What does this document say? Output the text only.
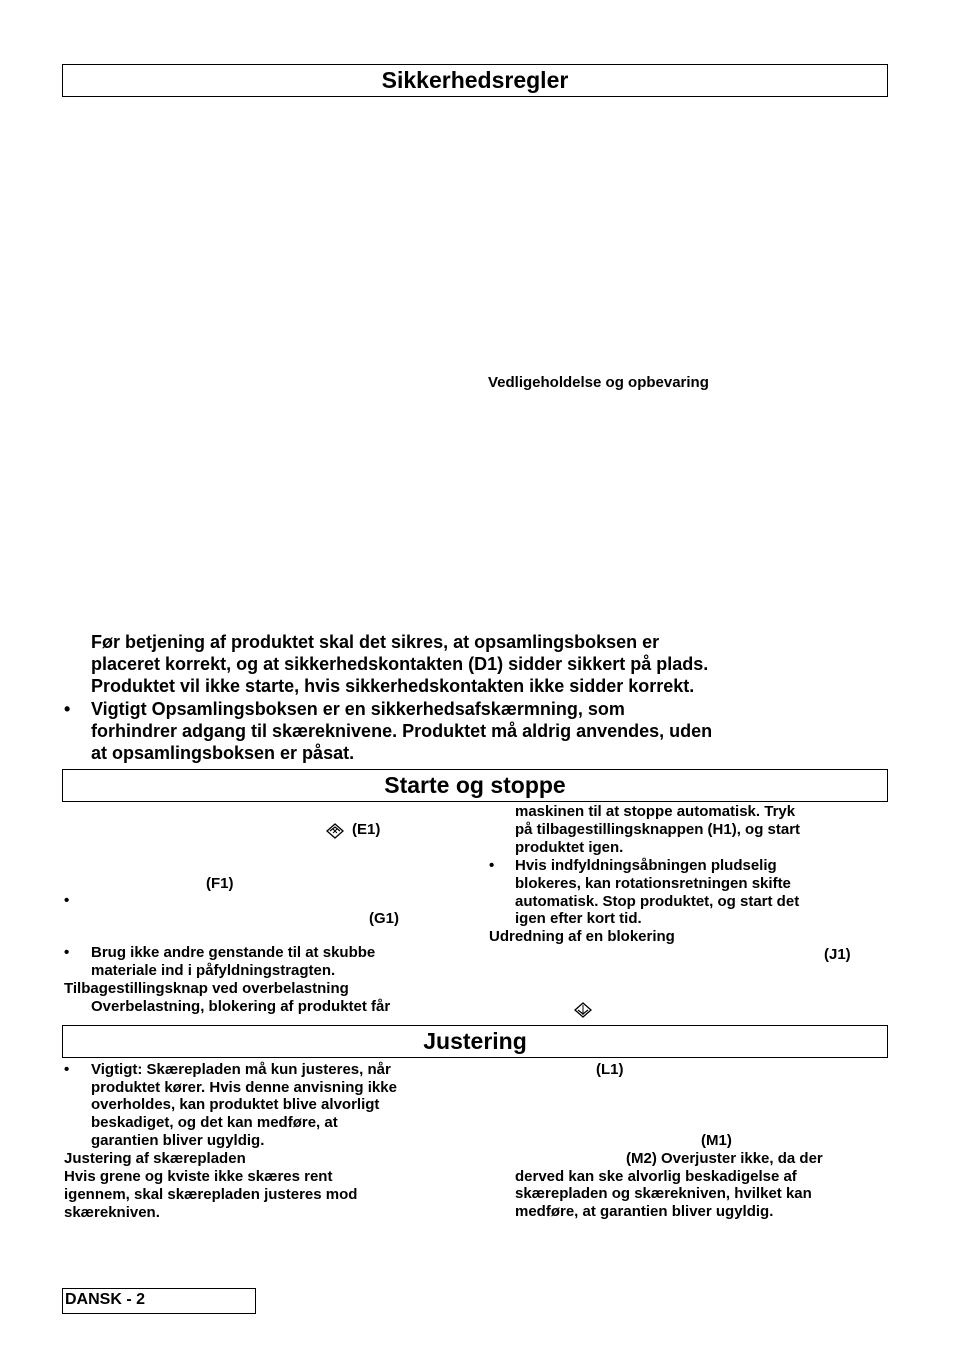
Sikkerhedsregler
Starte og stoppe
Justering
Vedligeholdelse og opbevaring
Før betjening af produktet skal det sikres, at opsamlingsboksen er
placeret korrekt, og at sikkerhedskontakten (D1) sidder sikkert på plads.
Produktet vil ikke starte, hvis sikkerhedskontakten ikke sidder korrekt.
• Vigtigt Opsamlingsboksen er en sikkerhedsafskærmning, som
forhindrer adgang til skæreknivene. Produktet må aldrig anvendes, uden
at opsamlingsboksen er påsat.
(E1)
(F1)
•
(G1)
• Brug ikke andre genstande til at skubbe
materiale ind i påfyldningstragten.
Tilbagestillingsknap ved overbelastning
Overbelastning, blokering af produktet får
maskinen til at stoppe automatisk. Tryk
på tilbagestillingsknappen (H1), og start
produktet igen.
• Hvis indfyldningsåbningen pludselig
blokeres, kan rotationsretningen skifte
automatisk. Stop produktet, og start det
igen efter kort tid.
Udredning af en blokering
(J1)
• Vigtigt: Skærepladen må kun justeres, når
produktet kører. Hvis denne anvisning ikke
overholdes, kan produktet blive alvorligt
beskadiget, og det kan medføre, at
garantien bliver ugyldig.
Justering af skærepladen
Hvis grene og kviste ikke skæres rent
igennem, skal skærepladen justeres mod
skærekniven.
(L1)
(M1)
(M2) Overjuster ikke, da der
derved kan ske alvorlig beskadigelse af
skærepladen og skærekniven, hvilket kan
medføre, at garantien bliver ugyldig.
DANSK - 2
